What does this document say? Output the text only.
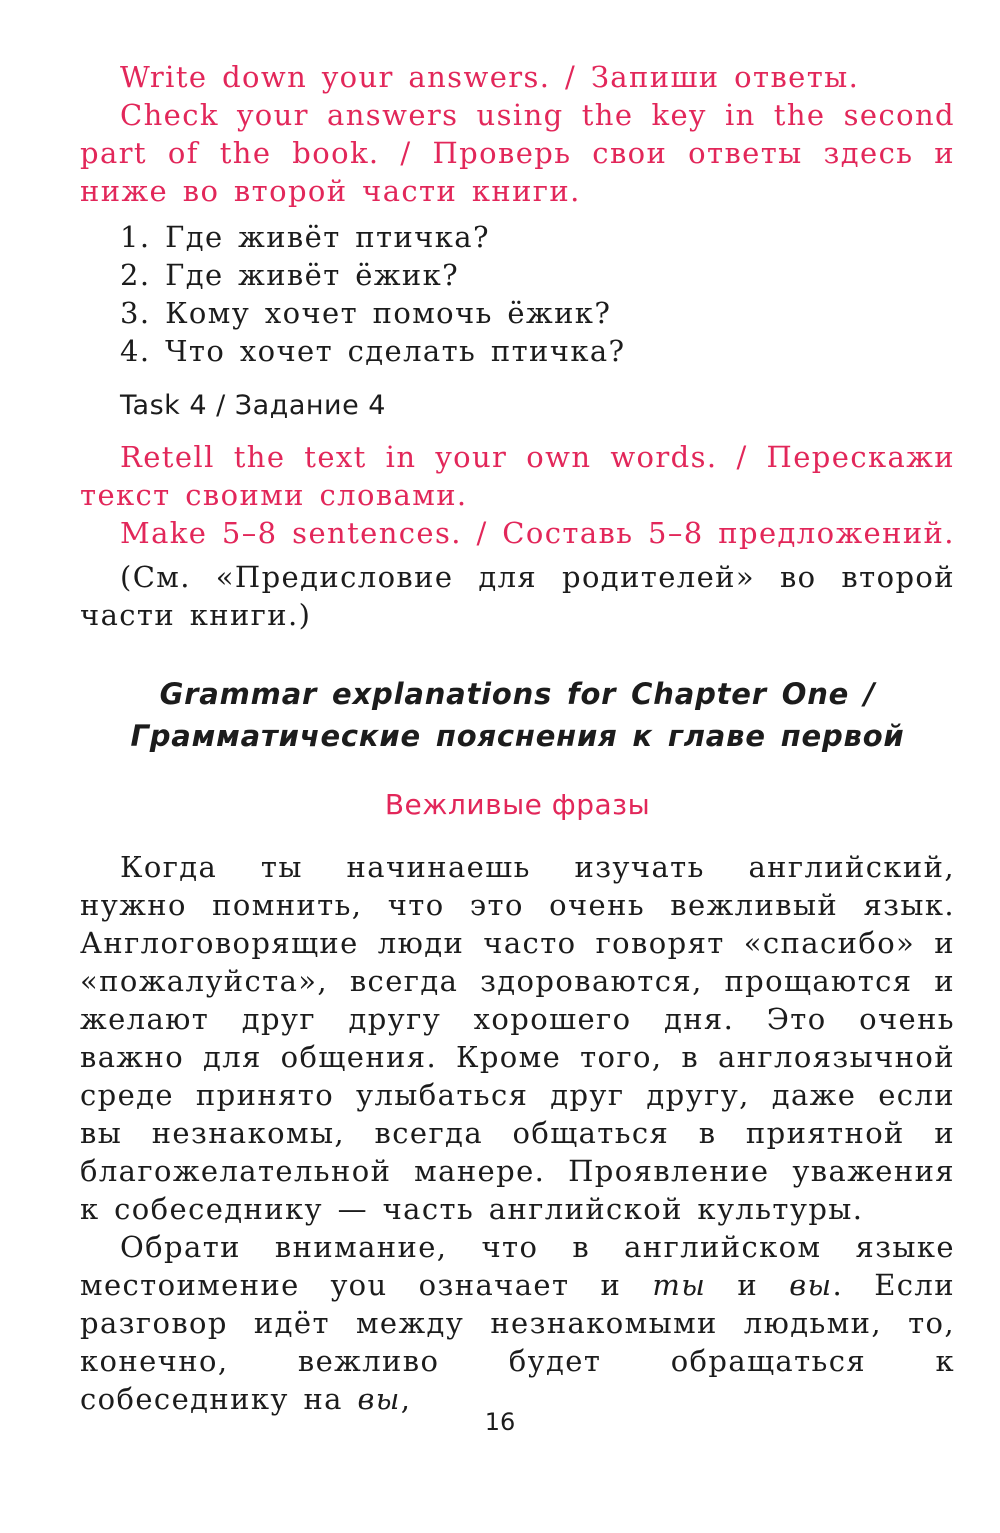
Write down your answers. / Запиши ответы.

Check your answers using the key in the second part of the book. / Проверь свои ответы здесь и ниже во второй части книги.

1. Где живёт птичка?
2. Где живёт ёжик?
3. Кому хочет помочь ёжик?
4. Что хочет сделать птичка?
Task 4 / Задание 4

Retell the text in your own words. / Перескажи текст своими словами.

Make 5–8 sentences. / Составь 5–8 предложений.

(См. «Предисловие для родителей» во второй части книги.)

Grammar explanations for Chapter One /
Грамматические пояснения к главе первой
Вежливые фразы

Когда ты начинаешь изучать английский, нужно помнить, что это очень вежливый язык. Англоговорящие люди часто говорят «спасибо» и «пожалуйста», всегда здороваются, прощаются и желают друг другу хорошего дня. Это очень важно для общения. Кроме того, в англоязычной среде принято улыбаться друг другу, даже если вы незнакомы, всегда общаться в приятной и благожелательной манере. Проявление уважения к собеседнику — часть английской культуры.

Обрати внимание, что в английском языке местоимение you означает и ты и вы. Если разговор идёт между незнакомыми людьми, то, конечно, вежливо будет обращаться к собеседнику на вы,

16
